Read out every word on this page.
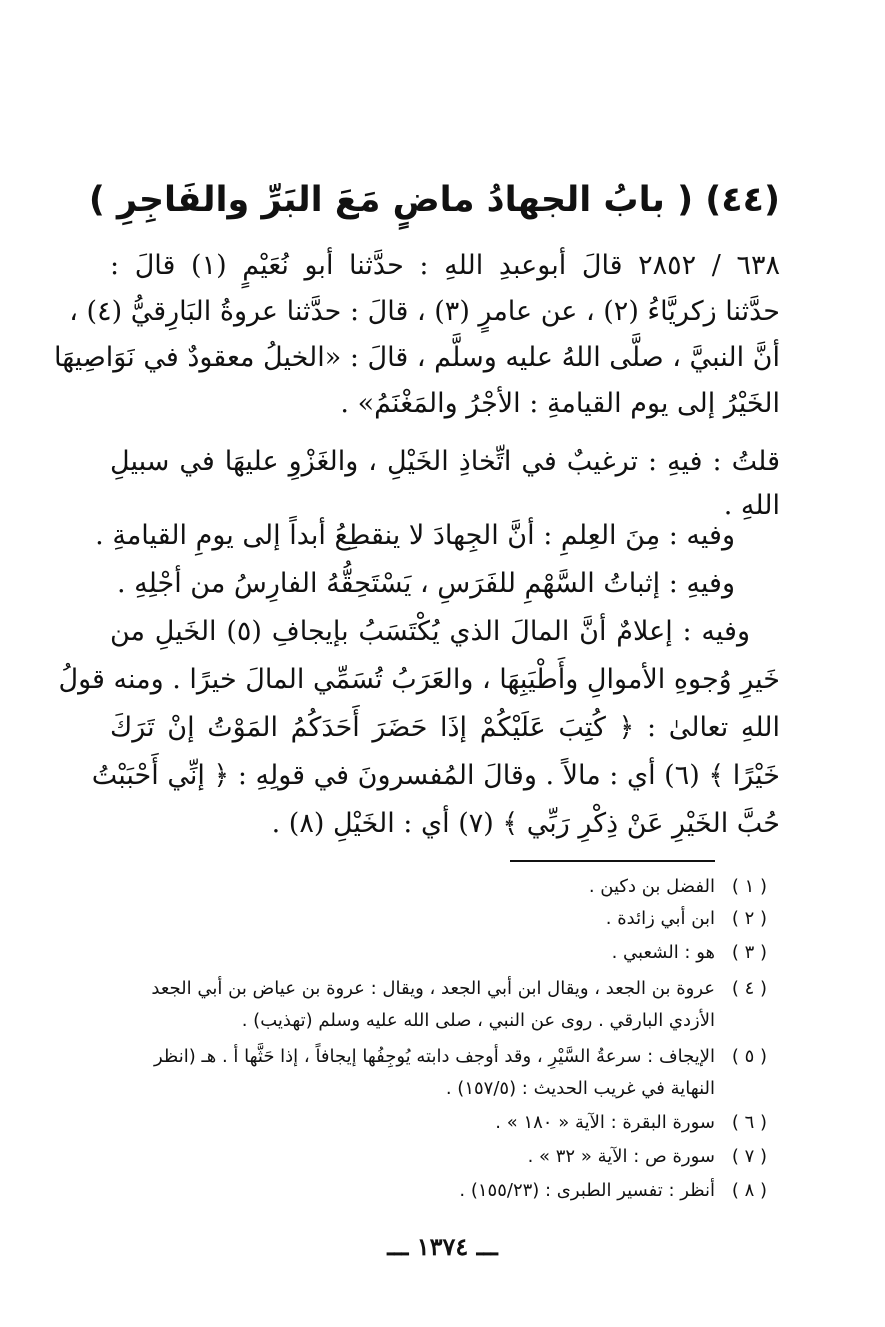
(٤٤) ( بابُ الجهادُ ماضٍ مَعَ البَرِّ والفَاجِرِ )
٦٣٨ / ٢٨٥٢ قالَ أبوعبدِ اللهِ : حدَّثنا أبو نُعَيْمٍ (١) قالَ :
حدَّثنا زكريَّاءُ (٢) ، عن عامرٍ (٣) ، قالَ : حدَّثنا عروةُ البَارِقيُّ (٤) ،
أنَّ النبيَّ ، صلَّى اللهُ عليه وسلَّم ، قالَ : «الخيلُ معقودٌ في نَوَاصِيهَا
الخَيْرُ إلى يوم القيامةِ : الأجْرُ والمَغْنَمُ» .
قلتُ : فيهِ : ترغيبٌ في اتِّخاذِ الخَيْلِ ، والغَزْوِ عليهَا في سبيلِ
اللهِ .
وفيه : مِنَ العِلمِ : أنَّ الجِهادَ لا ينقطِعُ أبداً إلى يومِ القيامةِ .
وفيهِ : إثباتُ السَّهْمِ للفَرَسِ ، يَسْتَحِقُّهُ الفارِسُ من أجْلِهِ .
وفيه : إعلامٌ أنَّ المالَ الذي يُكْتَسَبُ بإيجافِ (٥) الخَيلِ من
خَيرِ وُجوهِ الأموالِ وأَطْيَبِهَا ، والعَرَبُ تُسَمِّي المالَ خيرًا . ومنه قولُ
اللهِ تعالىٰ : ﴿ كُتِبَ عَلَيْكُمْ إذَا حَضَرَ أَحَدَكُمُ المَوْتُ إنْ تَرَكَ
خَيْرًا ﴾ (٦) أي : مالاً . وقالَ المُفسرونَ في قولِهِ : ﴿ إنِّي أَحْبَبْتُ
حُبَّ الخَيْرِ عَنْ ذِكْرِ رَبِّي ﴾ (٧) أي : الخَيْلِ (٨) .
( ١ )
الفضل بن دكين .
( ٢ )
ابن أبي زائدة .
( ٣ )
هو : الشعبي .
( ٤ )
عروة بن الجعد ، ويقال ابن أبي الجعد ، ويقال : عروة بن عياض بن أبي الجعد
الأزدي البارقي . روى عن النبي ، صلى الله عليه وسلم (تهذيب) .
( ٥ )
الإيجاف : سرعةُ السَّيْرِ ، وقد أوجف دابته يُوجِفُها إيجافاً ، إذا حَثَّها أ . هـ (انظر
النهاية في غريب الحديث : (١٥٧/٥) .
( ٦ )
سورة البقرة : الآية « ١٨٠ » .
( ٧ )
سورة ص : الآية « ٣٢ » .
( ٨ )
أنظر : تفسير الطبرى : (١٥٥/٢٣) .
ـــ ١٣٧٤ ـــ
